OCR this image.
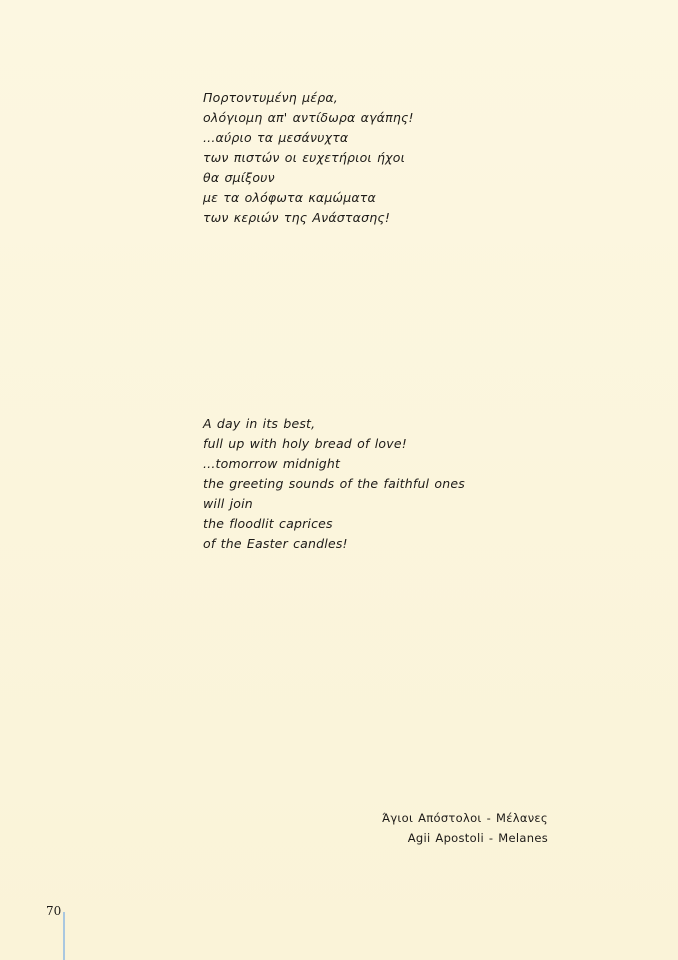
Πορτοντυμένη μέρα,
ολόγιομη απ' αντίδωρα αγάπης!
...αύριο τα μεσάνυχτα
των πιστών οι ευχετήριοι ήχοι
θα σμίξουν
με τα ολόφωτα καμώματα
των κεριών της Ανάστασης!
A day in its best,
full up with holy bread of love!
...tomorrow midnight
the greeting sounds of the faithful ones
will join
the floodlit caprices
of the Easter candles!
Άγιοι Απόστολοι - Μέλανες
Agii Apostoli - Melanes
70
